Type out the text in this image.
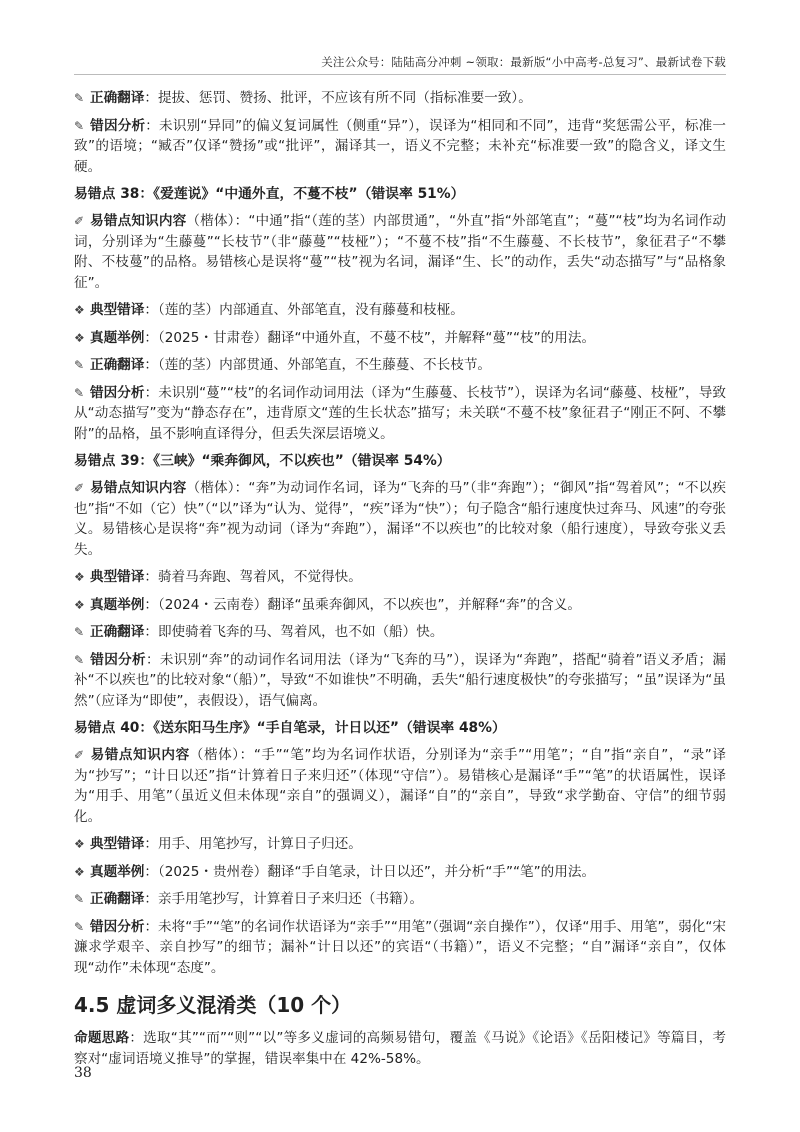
关注公众号：陆陆高分冲刺 ~领取：最新版“小中高考-总复习”、最新试卷下载
✎ 正确翻译：提拔、惩罚、赞扬、批评，不应该有所不同（指标准要一致）。
✎ 错因分析：未识别“异同”的偏义复词属性（侧重“异”），误译为“相同和不同”，违背“奖惩需公平，标准一致”的语境；“臧否”仅译“赞扬”或“批评”，漏译其一，语义不完整；未补充“标准要一致”的隐含义，译文生硬。
易错点 38：《爱莲说》“中通外直，不蔓不枝”（错误率 51%）
✐ 易错点知识内容（楷体）：“中通”指“（莲的茎）内部贯通”，“外直”指“外部笔直”；“蔓”“枝”均为名词作动词，分别译为“生藤蔓”“长枝节”（非“藤蔓”“枝桠”）；“不蔓不枝”指“不生藤蔓、不长枝节”，象征君子“不攀附、不枝蔓”的品格。易错核心是误将“蔓”“枝”视为名词，漏译“生、长”的动作，丢失“动态描写”与“品格象征”。
❖ 典型错译：（莲的茎）内部通直、外部笔直，没有藤蔓和枝桠。
❖ 真题举例：（2025・甘肃卷）翻译“中通外直，不蔓不枝”，并解释“蔓”“枝”的用法。
✎ 正确翻译：（莲的茎）内部贯通、外部笔直，不生藤蔓、不长枝节。
✎ 错因分析：未识别“蔓”“枝”的名词作动词用法（译为“生藤蔓、长枝节”），误译为名词“藤蔓、枝桠”，导致从“动态描写”变为“静态存在”，违背原文“莲的生长状态”描写；未关联“不蔓不枝”象征君子“刚正不阿、不攀附”的品格，虽不影响直译得分，但丢失深层语境义。
易错点 39：《三峡》“乘奔御风，不以疾也”（错误率 54%）
✐ 易错点知识内容（楷体）：“奔”为动词作名词，译为“飞奔的马”（非“奔跑”）；“御风”指“驾着风”；“不以疾也”指“不如（它）快”（“以”译为“认为、觉得”，“疾”译为“快”）；句子隐含“船行速度快过奔马、风速”的夸张义。易错核心是误将“奔”视为动词（译为“奔跑”），漏译“不以疾也”的比较对象（船行速度），导致夸张义丢失。
❖ 典型错译：骑着马奔跑、驾着风，不觉得快。
❖ 真题举例：（2024・云南卷）翻译“虽乘奔御风，不以疾也”，并解释“奔”的含义。
✎ 正确翻译：即使骑着飞奔的马、驾着风，也不如（船）快。
✎ 错因分析：未识别“奔”的动词作名词用法（译为“飞奔的马”），误译为“奔跑”，搭配“骑着”语义矛盾；漏补“不以疾也”的比较对象“（船）”，导致“不如谁快”不明确，丢失“船行速度极快”的夸张描写；“虽”误译为“虽然”（应译为“即使”，表假设），语气偏离。
易错点 40：《送东阳马生序》“手自笔录，计日以还”（错误率 48%）
✐ 易错点知识内容（楷体）：“手”“笔”均为名词作状语，分别译为“亲手”“用笔”；“自”指“亲自”，“录”译为“抄写”；“计日以还”指“计算着日子来归还”（体现“守信”）。易错核心是漏译“手”“笔”的状语属性，误译为“用手、用笔”（虽近义但未体现“亲自”的强调义），漏译“自”的“亲自”，导致“求学勤奋、守信”的细节弱化。
❖ 典型错译：用手、用笔抄写，计算日子归还。
❖ 真题举例：（2025・贵州卷）翻译“手自笔录，计日以还”，并分析“手”“笔”的用法。
✎ 正确翻译：亲手用笔抄写，计算着日子来归还（书籍）。
✎ 错因分析：未将“手”“笔”的名词作状语译为“亲手”“用笔”（强调“亲自操作”），仅译“用手、用笔”，弱化“宋濂求学艰辛、亲自抄写”的细节；漏补“计日以还”的宾语“（书籍）”，语义不完整；“自”漏译“亲自”，仅体现“动作”未体现“态度”。
4.5 虚词多义混淆类（10 个）
命题思路：选取“其”“而”“则”“以”等多义虚词的高频易错句，覆盖《马说》《论语》《岳阳楼记》等篇目，考察对“虚词语境义推导”的掌握，错误率集中在 42%-58%。
38
